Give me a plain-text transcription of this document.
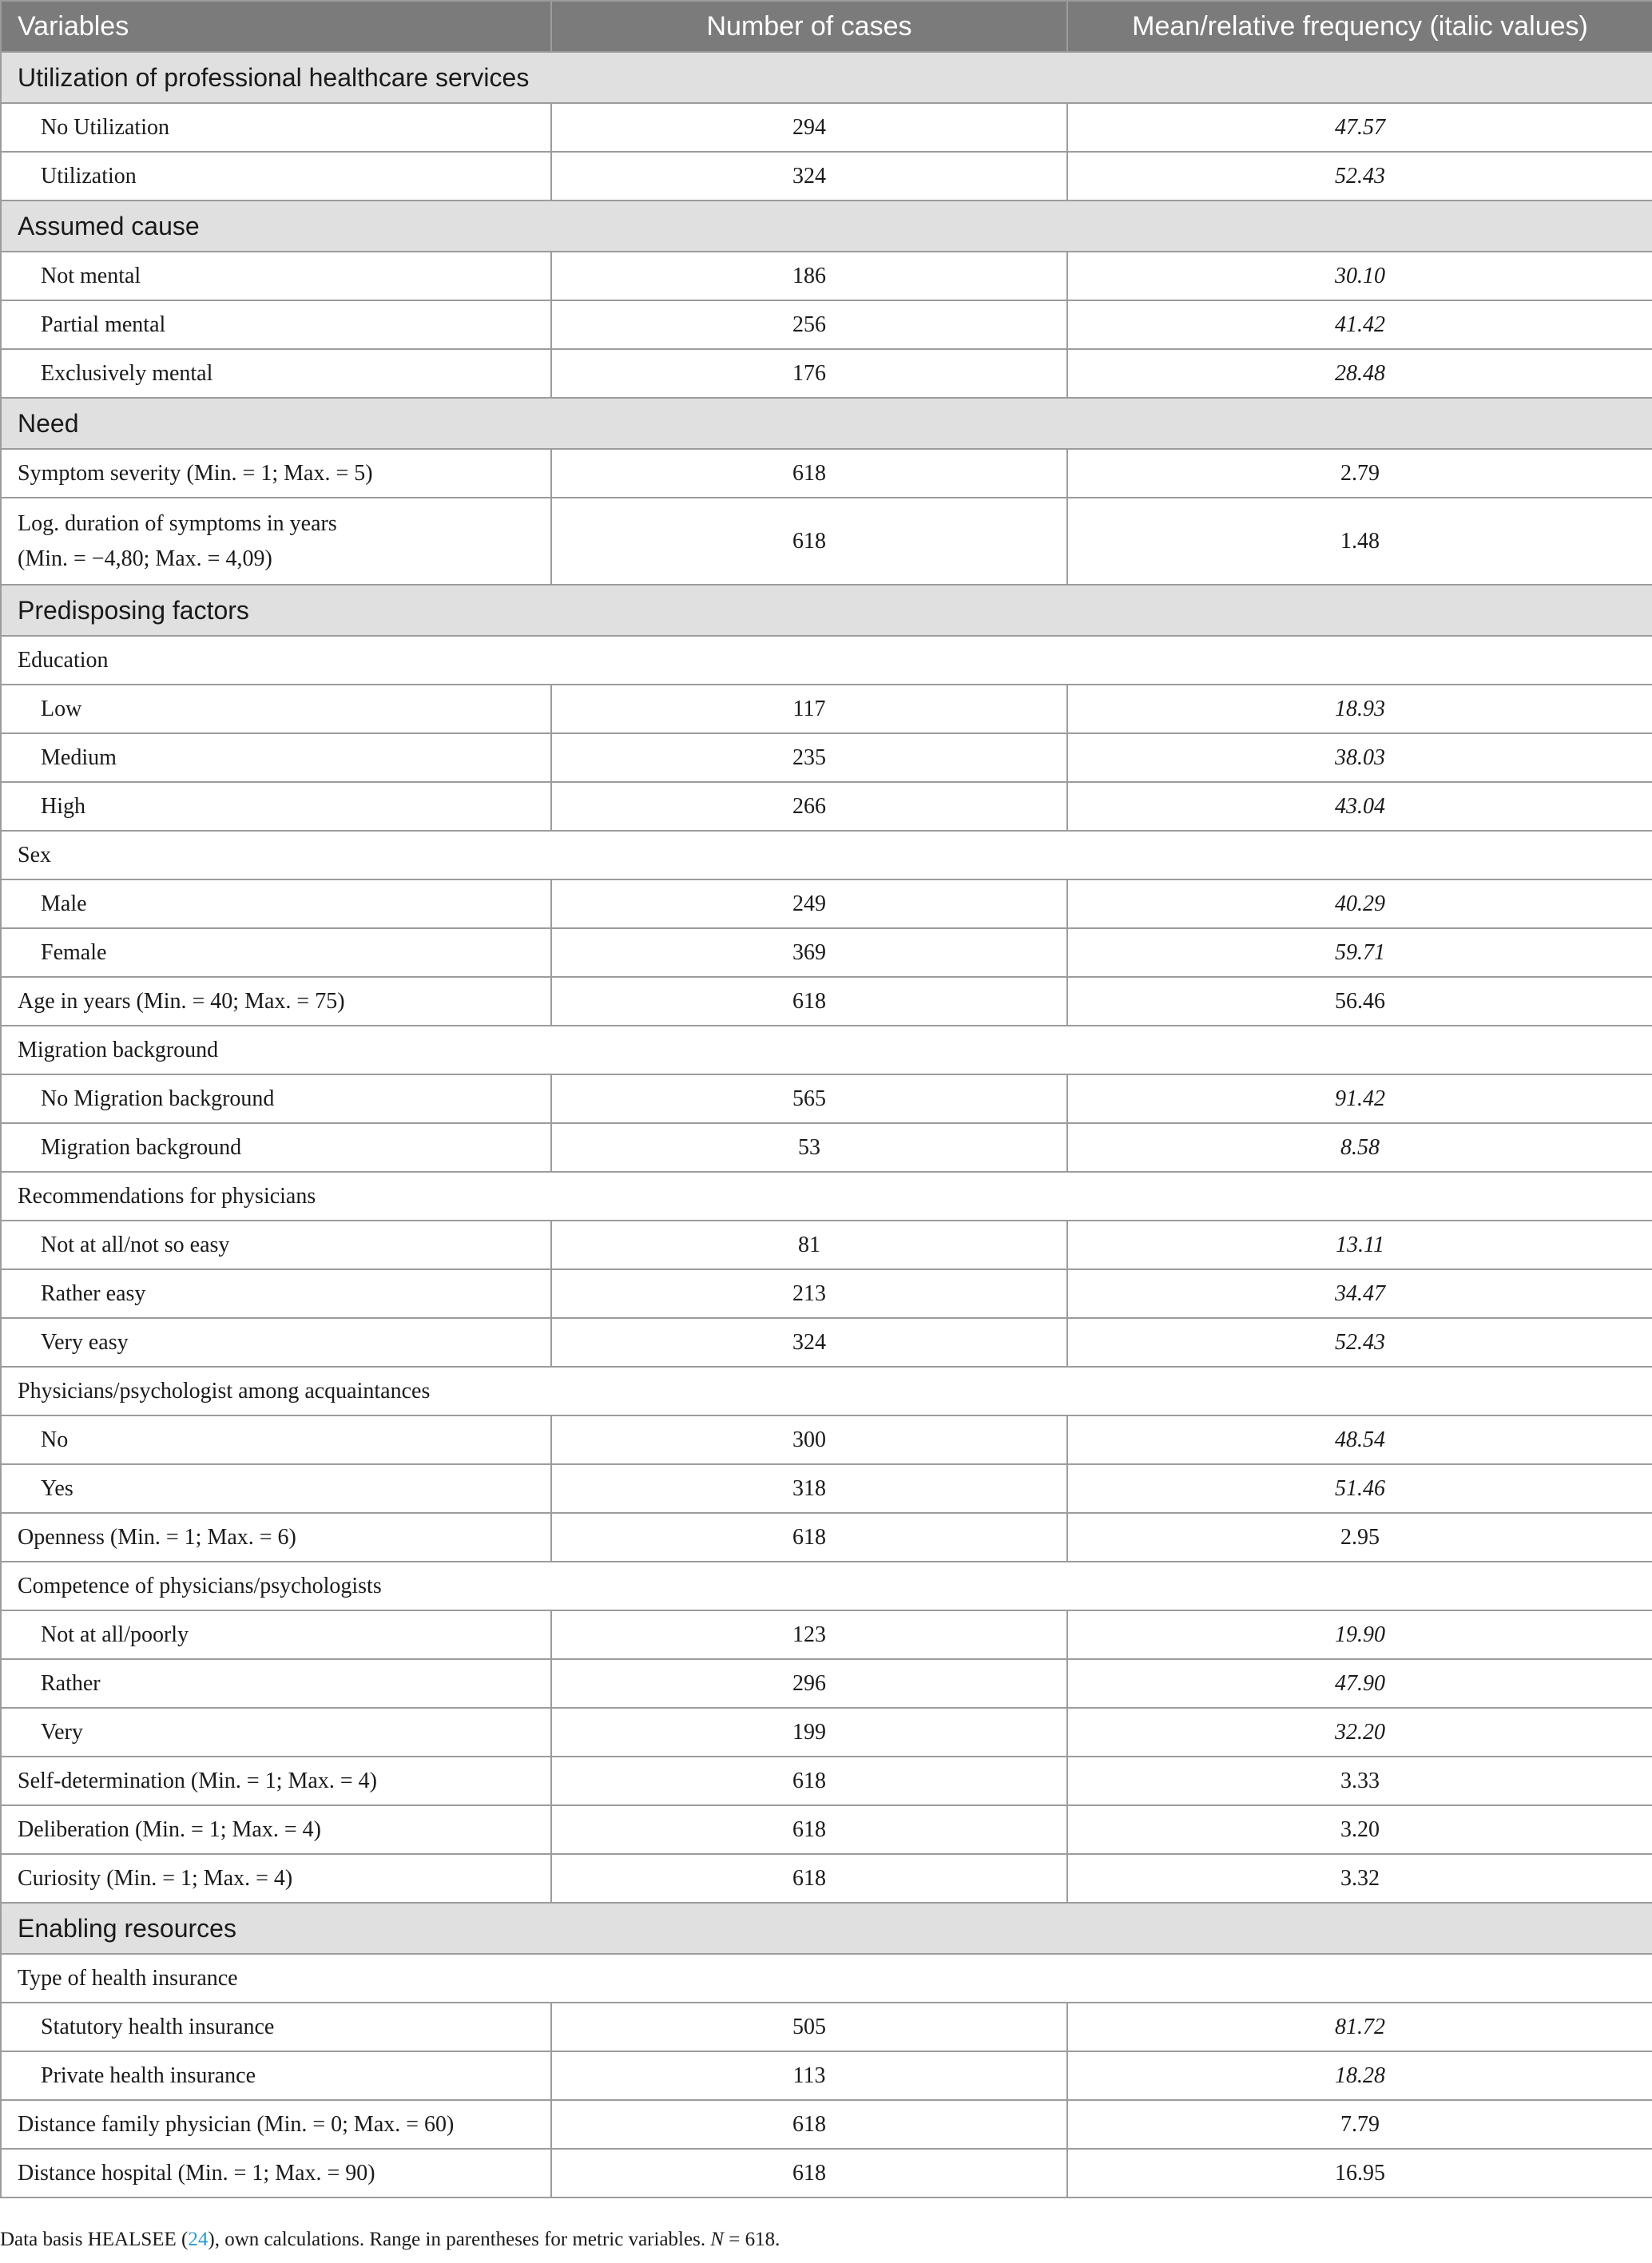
Variables	Number of cases	Mean/relative frequency (italic values)
Utilization of professional healthcare services		
No Utilization	294	47.57
Utilization	324	52.43
Assumed cause		
Not mental	186	30.10
Partial mental	256	41.42
Exclusively mental	176	28.48
Need		
Symptom severity (Min. = 1; Max. = 5)	618	2.79
Log. duration of symptoms in years
(Min. = −4,80; Max. = 4,09)	618	1.48
Predisposing factors		
Education		
Low	117	18.93
Medium	235	38.03
High	266	43.04
Sex		
Male	249	40.29
Female	369	59.71
Age in years (Min. = 40; Max. = 75)	618	56.46
Migration background		
No Migration background	565	91.42
Migration background	53	8.58
Recommendations for physicians		
Not at all/not so easy	81	13.11
Rather easy	213	34.47
Very easy	324	52.43
Physicians/psychologist among acquaintances		
No	300	48.54
Yes	318	51.46
Openness (Min. = 1; Max. = 6)	618	2.95
Competence of physicians/psychologists		
Not at all/poorly	123	19.90
Rather	296	47.90
Very	199	32.20
Self-determination (Min. = 1; Max. = 4)	618	3.33
Deliberation (Min. = 1; Max. = 4)	618	3.20
Curiosity (Min. = 1; Max. = 4)	618	3.32
Enabling resources		
Type of health insurance		
Statutory health insurance	505	81.72
Private health insurance	113	18.28
Distance family physician (Min. = 0; Max. = 60)	618	7.79
Distance hospital (Min. = 1; Max. = 90)	618	16.95
Data basis HEALSEE (24), own calculations. Range in parentheses for metric variables. N = 618.
